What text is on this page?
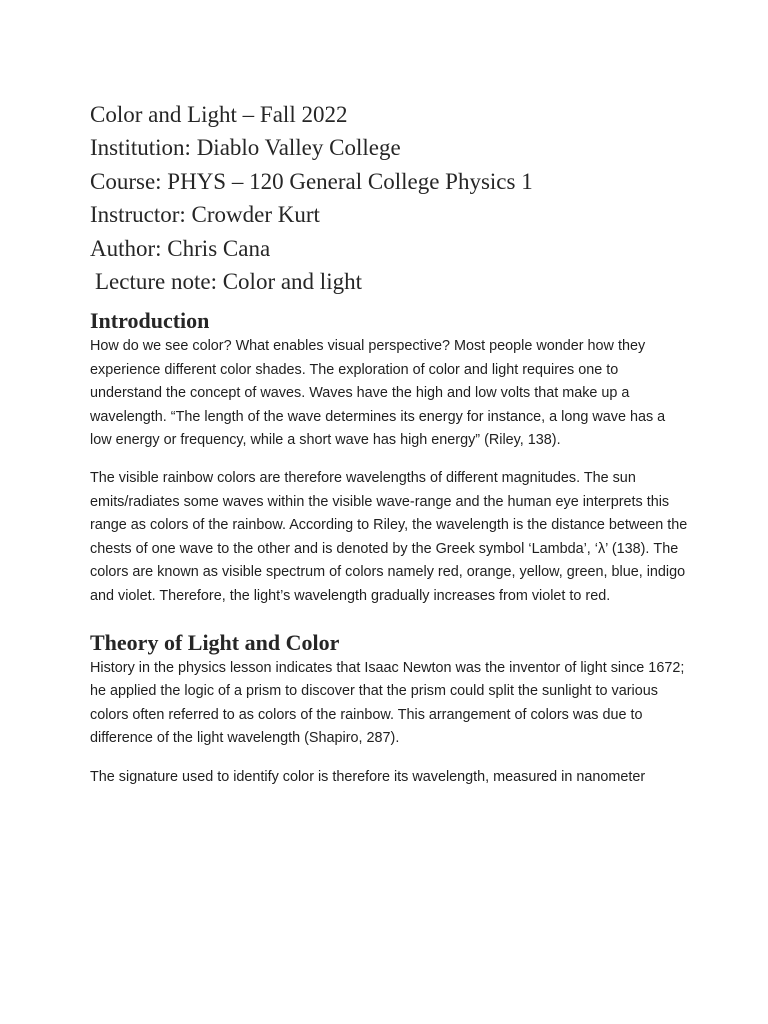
Color and Light – Fall 2022

Institution: Diablo Valley College

Course: PHYS – 120 General College Physics 1

Instructor: Crowder Kurt

Author: Chris Cana

Lecture note: Color and light

Introduction

How do we see color? What enables visual perspective? Most people wonder how they experience different color shades. The exploration of color and light requires one to understand the concept of waves. Waves have the high and low volts that make up a wavelength. “The length of the wave determines its energy for instance, a long wave has a low energy or frequency, while a short wave has high energy” (Riley, 138).

The visible rainbow colors are therefore wavelengths of different magnitudes. The sun emits/radiates some waves within the visible wave-range and the human eye interprets this range as colors of the rainbow. According to Riley, the wavelength is the distance between the chests of one wave to the other and is denoted by the Greek symbol ‘Lambda’, ‘λ’ (138). The colors are known as visible spectrum of colors namely red, orange, yellow, green, blue, indigo and violet. Therefore, the light’s wavelength gradually increases from violet to red.

Theory of Light and Color

History in the physics lesson indicates that Isaac Newton was the inventor of light since 1672; he applied the logic of a prism to discover that the prism could split the sunlight to various colors often referred to as colors of the rainbow. This arrangement of colors was due to difference of the light wavelength (Shapiro, 287).

The signature used to identify color is therefore its wavelength, measured in nanometer
